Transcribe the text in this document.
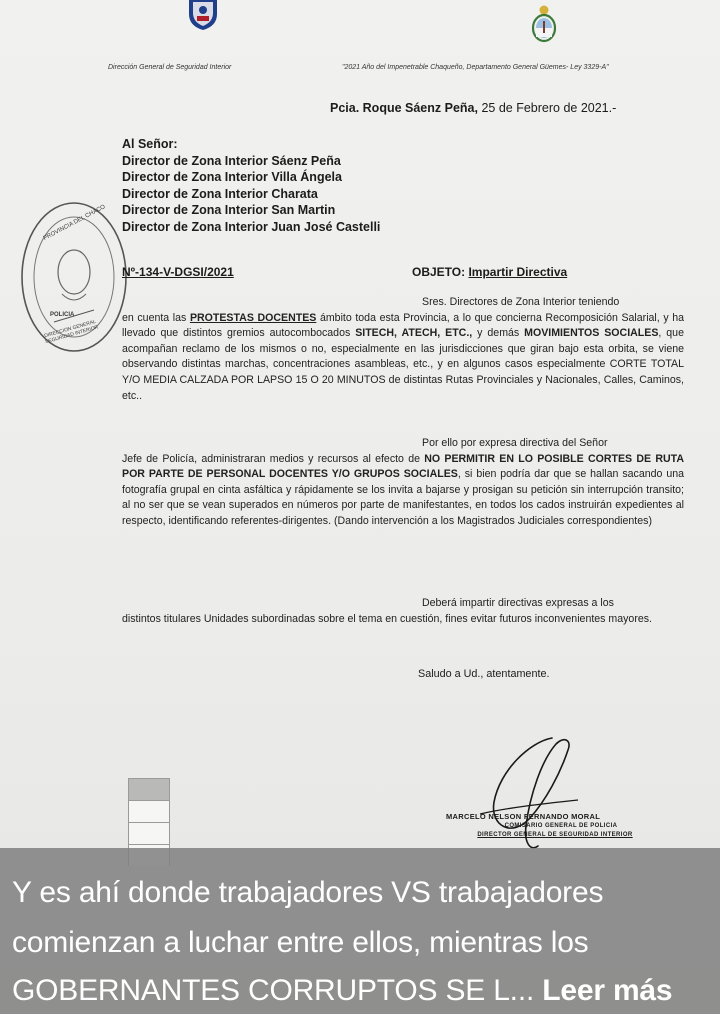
Dirección General de Seguridad Interior	"2021 Año del Impenetrable Chaqueño, Departamento General Güemes- Ley 3329-A"
Pcia. Roque Sáenz Peña, 25 de Febrero de 2021.-
Al Señor:
Director de Zona Interior Sáenz Peña
Director de Zona Interior Villa Ángela
Director de Zona Interior Charata
Director de Zona Interior San Martin
Director de Zona Interior Juan José Castelli
PROVINCIA DEL CHACO
POLICIA
DIRECCION GENERAL SEGURIDAD INTERIOR
Nº-134-V-DGSI/2021	OBJETO: Impartir Directiva
Sres. Directores de Zona Interior teniendo
en cuenta las PROTESTAS DOCENTES ámbito toda esta Provincia, a lo que concierna Recomposición Salarial, y ha llevado que distintos gremios autocombocados SITECH, ATECH, ETC., y demás MOVIMIENTOS SOCIALES, que acompañan reclamo de los mismos o no, especialmente en las jurisdicciones que giran bajo esta orbita, se viene observando distintas marchas, concentraciones asambleas, etc., y en algunos casos especialmente CORTE TOTAL Y/O MEDIA CALZADA POR LAPSO 15 O 20 MINUTOS de distintas Rutas Provinciales y Nacionales, Calles, Caminos, etc..
Por ello por expresa directiva del Señor
Jefe de Policía, administraran medios y recursos al efecto de NO PERMITIR EN LO POSIBLE CORTES DE RUTA POR PARTE DE PERSONAL DOCENTES Y/O GRUPOS SOCIALES, si bien podría dar que se hallan sacando una fotografía grupal en cinta asfáltica y rápidamente se los invita a bajarse y prosigan su petición sin interrupción transito; al no ser que se vean superados en números por parte de manifestantes, en todos los cados instruirán expedientes al respecto, identificando referentes-dirigentes. (Dando intervención a los Magistrados Judiciales correspondientes)
Deberá impartir directivas expresas a los
distintos titulares Unidades subordinadas sobre el tema en cuestión, fines evitar futuros inconvenientes mayores.
Saludo a Ud., atentamente.
MARCELO NELSON FERNANDO MORAL
COMISARIO GENERAL DE POLICIA
DIRECTOR GENERAL DE SEGURIDAD INTERIOR
Y es ahí donde trabajadores VS trabajadores
comienzan a luchar entre ellos, mientras los
GOBERNANTES CORRUPTOS SE L... Leer más
